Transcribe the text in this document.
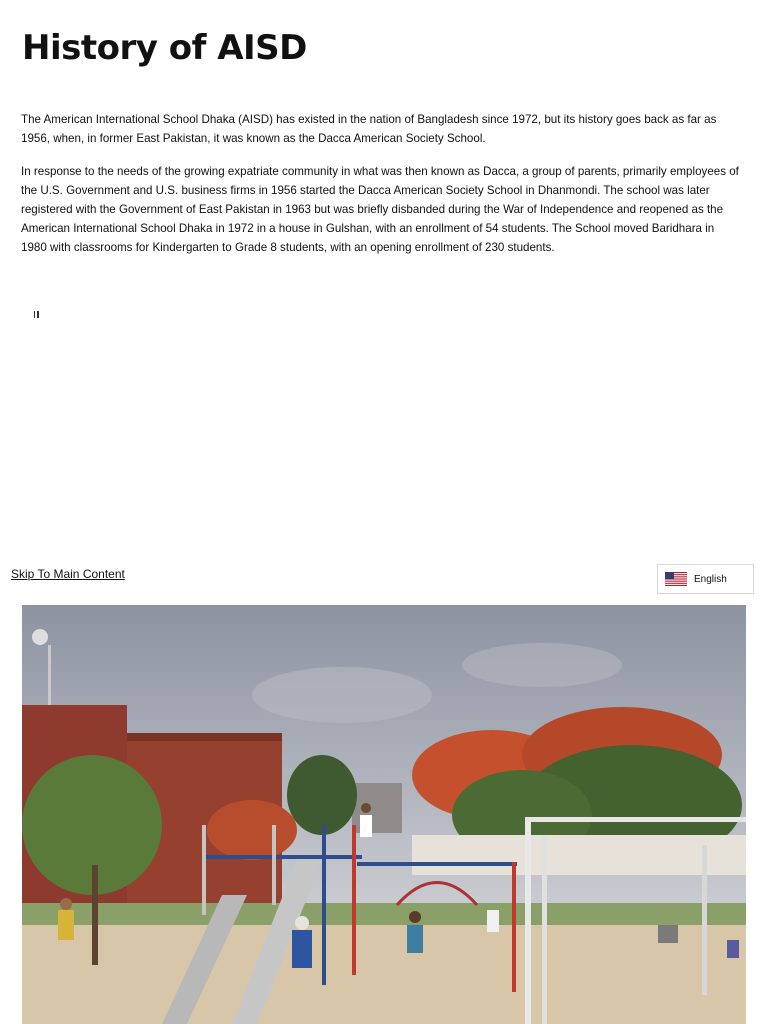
History of AISD

The American International School Dhaka (AISD) has existed in the nation of Bangladesh since 1972, but its history goes back as far as 1956, when, in former East Pakistan, it was known as the Dacca American Society School.

In response to the needs of the growing expatriate community in what was then known as Dacca, a group of parents, primarily employees of the U.S. Government and U.S. business firms in 1956 started the Dacca American Society School in Dhanmondi. The school was later registered with the Government of East Pakistan in 1963 but was briefly disbanded during the War of Independence and reopened as the American International School Dhaka in 1972 in a house in Gulshan, with an enrollment of 54 students. The School moved Baridhara in 1980 with classrooms for Kindergarten to Grade 8 students, with an opening enrollment of 230 students.

Skip To Main Content	English
